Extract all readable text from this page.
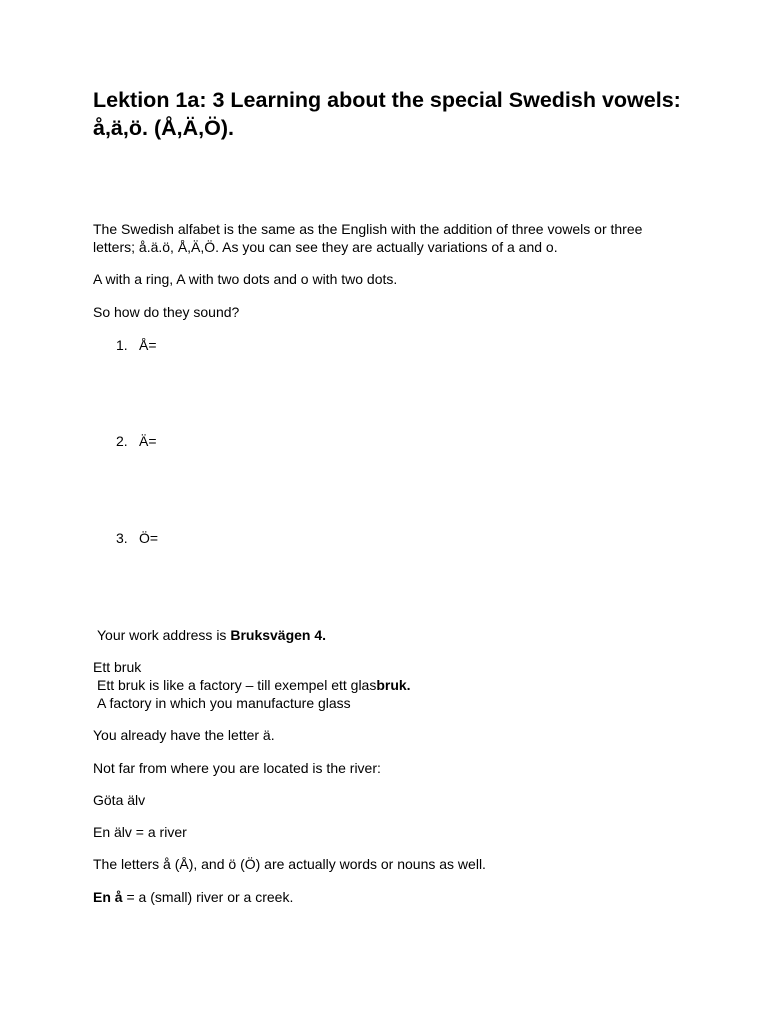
Lektion 1a: 3 Learning about the special Swedish vowels: å,ä,ö. (Å,Ä,Ö).

The Swedish alfabet is the same as the English with the addition of three vowels or three

letters; å.ä.ö, Å,Ä,Ö. As you can see they are actually variations of a and o.

A with a ring, A with two dots and o with two dots.

So how do they sound?

1. Å=
2. Ä=
3. Ö=

Your work address is Bruksvägen 4.

Ett bruk

Ett bruk is like a factory – till exempel ett glasbruk.

A factory in which you manufacture glass

You already have the letter ä.

Not far from where you are located is the river:

Göta älv

En älv = a river

The letters å (Å), and ö (Ö) are actually words or nouns as well.

En å = a (small) river or a creek.
